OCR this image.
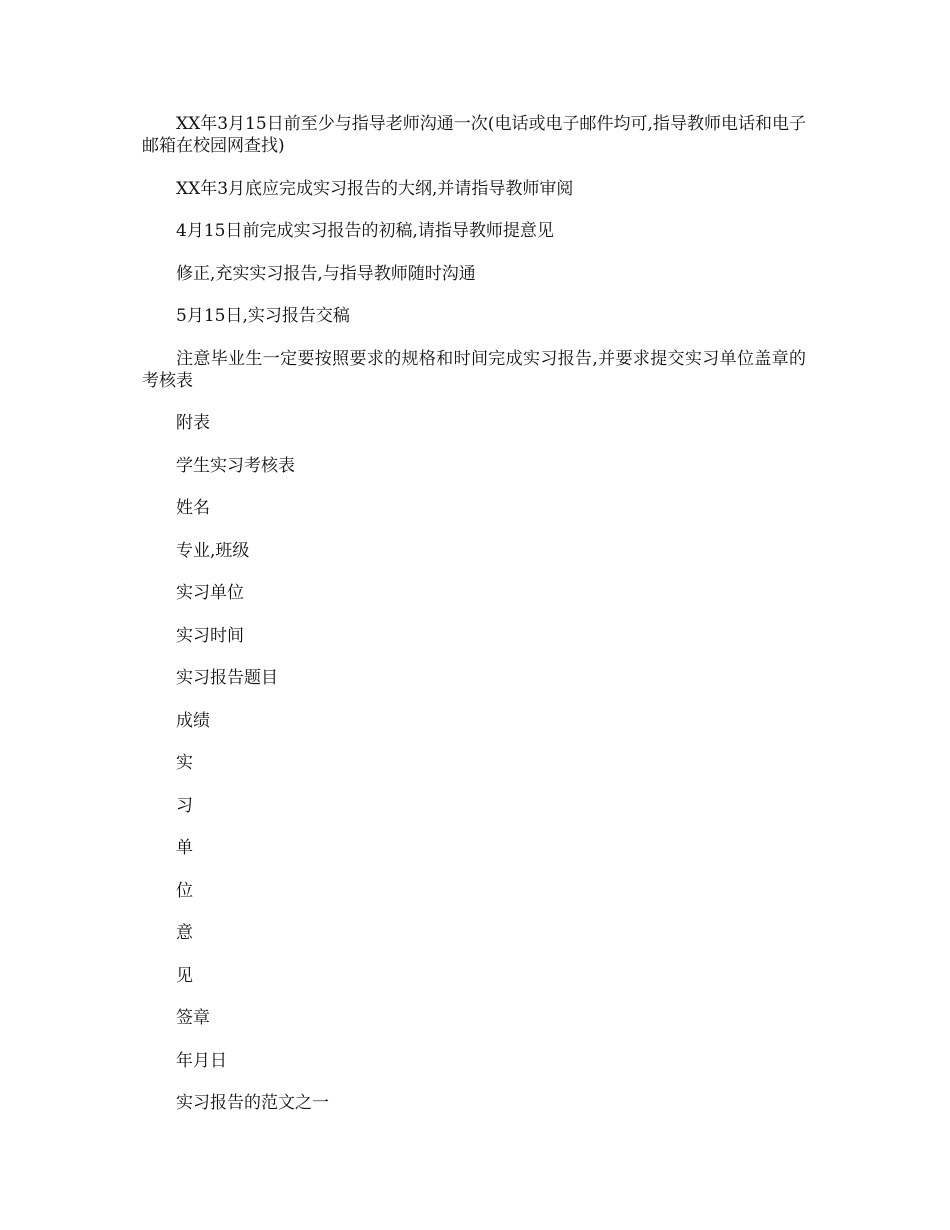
XX年3月15日前至少与指导老师沟通一次(电话或电子邮件均可,指导教师电话和电子邮箱在校园网查找)

XX年3月底应完成实习报告的大纲,并请指导教师审阅

4月15日前完成实习报告的初稿,请指导教师提意见

修正,充实实习报告,与指导教师随时沟通

5月15日,实习报告交稿

注意毕业生一定要按照要求的规格和时间完成实习报告,并要求提交实习单位盖章的考核表

附表

学生实习考核表

姓名

专业,班级

实习单位

实习时间

实习报告题目

成绩

实

习

单

位

意

见

签章

年月日

实习报告的范文之一
